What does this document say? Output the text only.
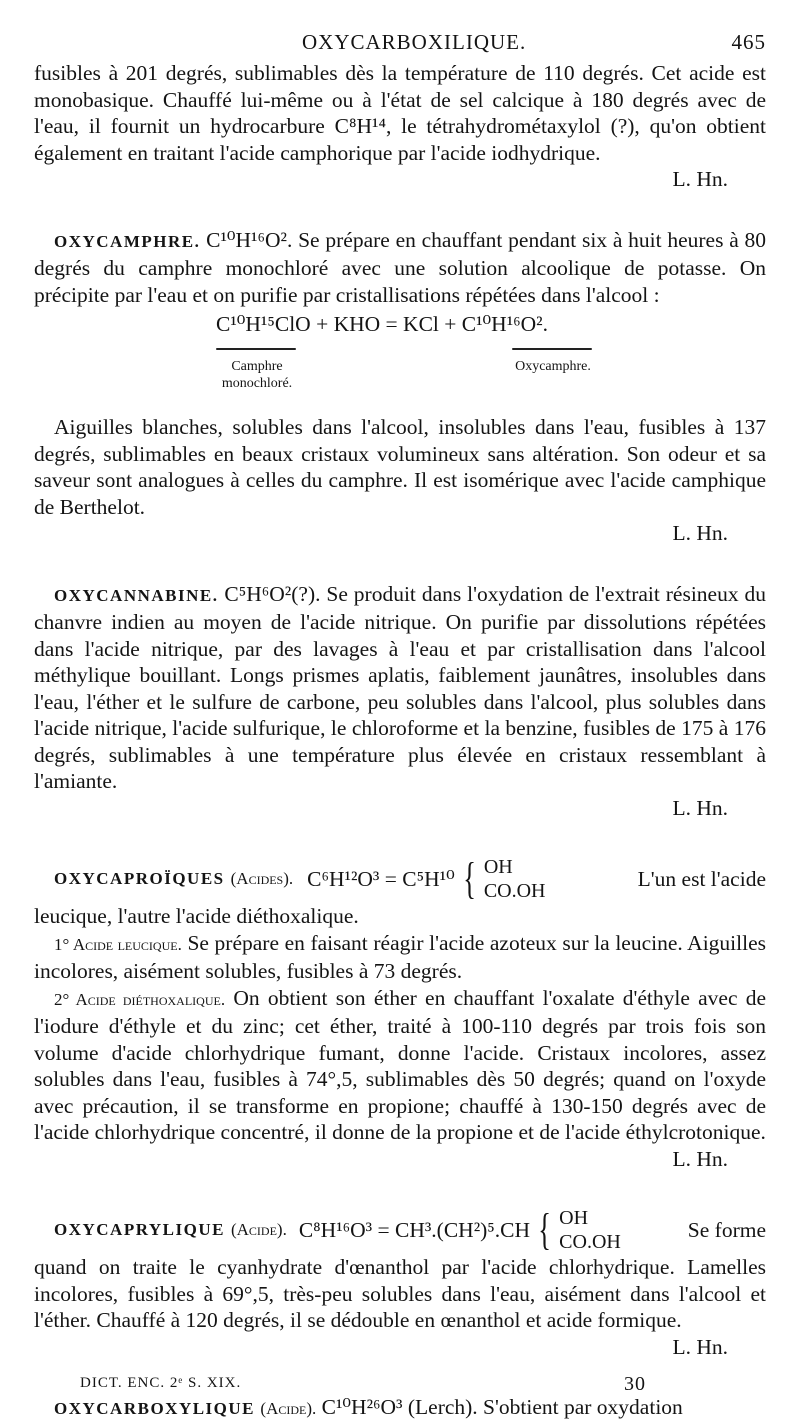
OXYCARBOXILIQUE.	465

fusibles à 201 degrés, sublimables dès la température de 110 degrés. Cet acide est monobasique. Chauffé lui-même ou à l'état de sel calcique à 180 degrés avec de l'eau, il fournit un hydrocarbure C⁸H¹⁴, le tétrahydrométaxylol (?), qu'on obtient également en traitant l'acide camphorique par l'acide iodhydrique.

L. Hn.

OXYCAMPHRE. C¹⁰H¹⁶O². Se prépare en chauffant pendant six à huit heures à 80 degrés du camphre monochloré avec une solution alcoolique de potasse. On précipite par l'eau et on purifie par cristallisations répétées dans l'alcool :

C¹⁰H¹⁵ClO + KHO = KCl + C¹⁰H¹⁶O².
Camphre monochloré.
Oxycamphre.

Aiguilles blanches, solubles dans l'alcool, insolubles dans l'eau, fusibles à 137 degrés, sublimables en beaux cristaux volumineux sans altération. Son odeur et sa saveur sont analogues à celles du camphre. Il est isomérique avec l'acide camphique de Berthelot.

L. Hn.

OXYCANNABINE. C⁵H⁶O²(?). Se produit dans l'oxydation de l'extrait résineux du chanvre indien au moyen de l'acide nitrique. On purifie par dissolutions répétées dans l'acide nitrique, par des lavages à l'eau et par cristallisation dans l'alcool méthylique bouillant. Longs prismes aplatis, faiblement jaunâtres, insolubles dans l'eau, l'éther et le sulfure de carbone, peu solubles dans l'alcool, plus solubles dans l'acide nitrique, l'acide sulfurique, le chloroforme et la benzine, fusibles de 175 à 176 degrés, sublimables à une température plus élevée en cristaux ressemblant à l'amiante.

L. Hn.

OXYCAPROÏQUES (Acides). C⁶H¹²O³ = C⁵H¹⁰ { OH
CO.OH
L'un est l'acide

leucique, l'autre l'acide diéthoxalique.

1° Acide leucique. Se prépare en faisant réagir l'acide azoteux sur la leucine. Aiguilles incolores, aisément solubles, fusibles à 73 degrés.

2° Acide diéthoxalique. On obtient son éther en chauffant l'oxalate d'éthyle avec de l'iodure d'éthyle et du zinc; cet éther, traité à 100-110 degrés par trois fois son volume d'acide chlorhydrique fumant, donne l'acide. Cristaux incolores, assez solubles dans l'eau, fusibles à 74°,5, sublimables dès 50 degrés; quand on l'oxyde avec précaution, il se transforme en propione; chauffé à 130-150 degrés avec de l'acide chlorhydrique concentré, il donne de la propione et de l'acide éthylcrotonique.

L. Hn.

OXYCAPRYLIQUE (Acide). C⁸H¹⁶O³ = CH³.(CH²)⁵.CH { OH
CO.OH
Se forme

quand on traite le cyanhydrate d'œnanthol par l'acide chlorhydrique. Lamelles incolores, fusibles à 69°,5, très-peu solubles dans l'eau, aisément dans l'alcool et l'éther. Chauffé à 120 degrés, il se dédouble en œnanthol et acide formique.

L. Hn.

OXYCARBOXYLIQUE (Acide). C¹⁰H²⁶O³ (Lerch). S'obtient par oxydation

DICT. ENC. 2ᵉ S. XIX.	30
